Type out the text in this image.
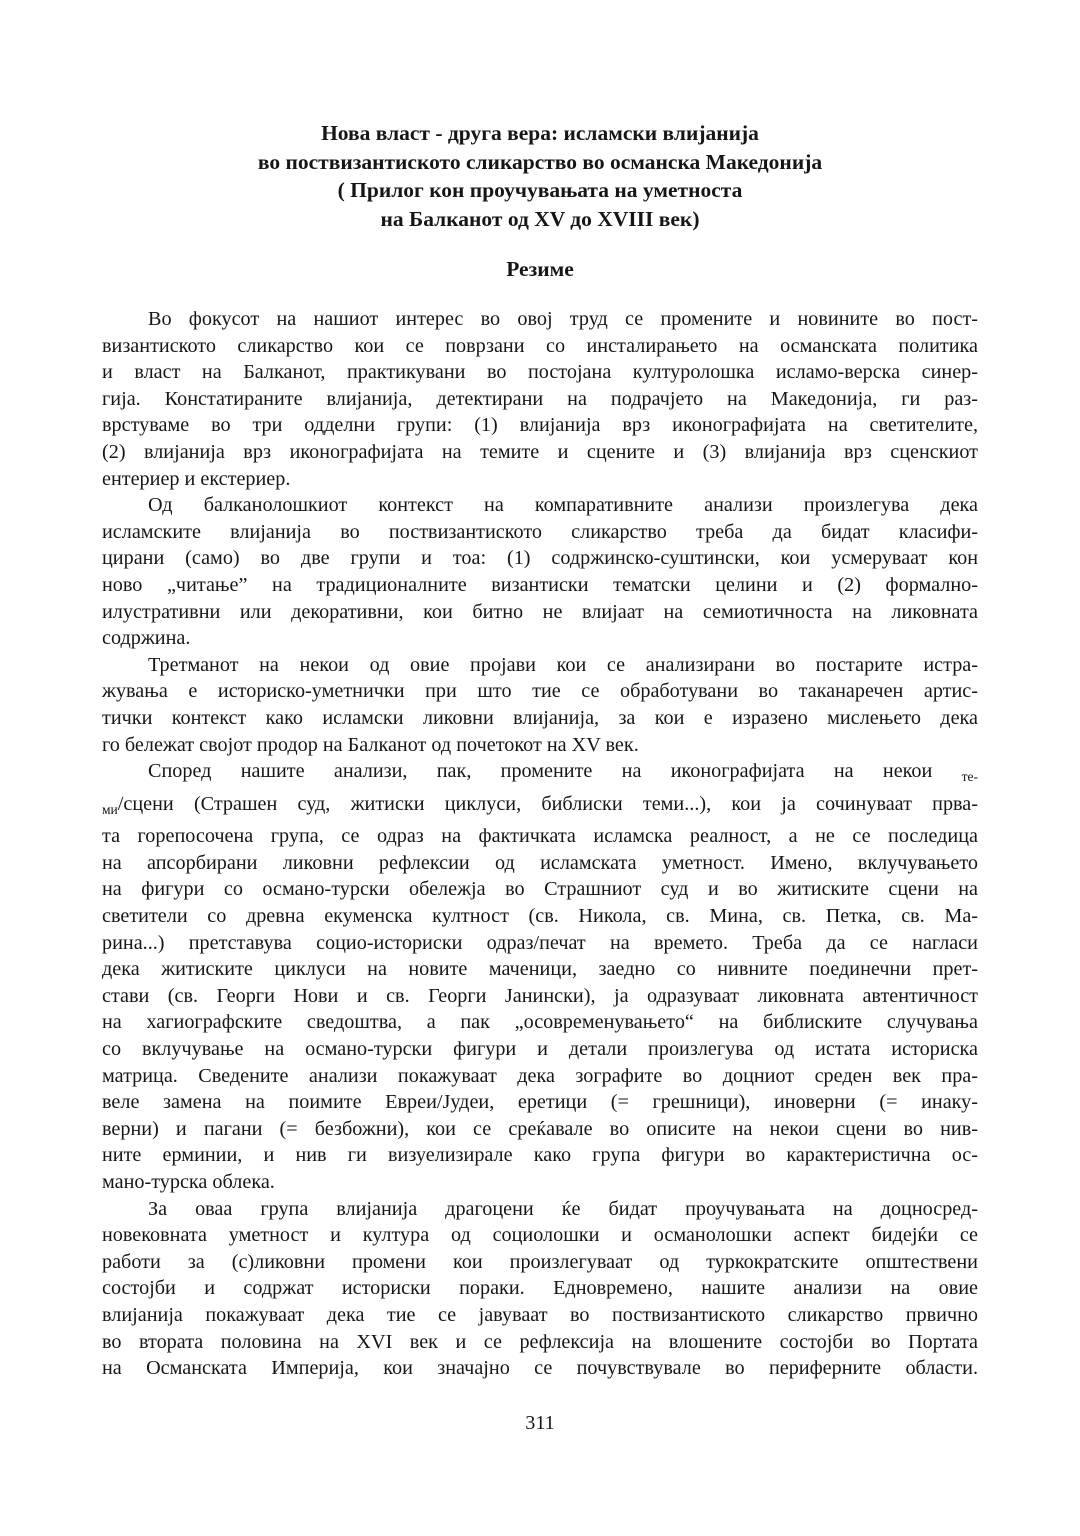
Нова власт - друга вера: исламски влијанија
во поствизантиското сликарство во османска Македонија
( Прилог кон проучувањата на уметноста
на Балканот од XV до XVIII век)
Резиме
Во фокусот на нашиот интерес во овој труд се промените и новините во пост-
византиското сликарство кои се поврзани со инсталирањето на османската политика
и власт на Балканот, практикувани во постојана културолошка исламо-верска синер-
гија. Констатираните влијанија, детектирани на подрачјето на Македонија, ги раз-
врстуваме во три одделни групи: (1) влијанија врз иконографијата на светителите,
(2) влијанија врз иконографијата на темите и сцените и (3) влијанија врз сценскиот
ентериер и екстериер.
Од балканолошкиот контекст на компаративните анализи произлегува дека
исламските влијанија во поствизантиското сликарство треба да бидат класифи-
цирани (само) во две групи и тоа: (1) содржинско-суштински, кои усмеруваат кон
ново „читање” на традиционалните византиски тематски целини и (2) формално-
илустративни или декоративни, кои битно не влијаат на семиотичноста на ликовната
содржина.
Третманот на некои од овие пројави кои се анализирани во постарите истра-
жувања е историско-уметнички при што тие се обработувани во таканаречен артис-
тички контекст како исламски ликовни влијанија, за кои е изразено мислењето дека
го бележат својот продор на Балканот од почетокот на XV век.
Според нашите анализи, пак, промените на иконографијата на некои $_{те-}$
$_{ми}$/сцени (Страшен суд, житиски циклуси, библиски теми...), кои ја сочинуваат прва-
та горепосочена група, се одраз на фактичката исламска реалност, а не се последица
на апсорбирани ликовни рефлексии од исламската уметност. Имено, вклучувањето
на фигури со османо-турски обележја во Страшниот суд и во житиските сцени на
светители со древна екуменска култност (св. Никола, св. Мина, св. Петка, св. Ма-
рина...) претставува социо-историски одраз/печат на времето. Треба да се нагласи
дека житиските циклуси на новите маченици, заедно со нивните поединечни прет-
стави (св. Георги Нови и св. Георги Јанински), ја одразуваат ликовната автентичност
на хагиографските сведоштва, а пак „осовременувањето“ на библиските случувања
со вклучување на османо-турски фигури и детали произлегува од истата историска
матрица. Сведените анализи покажуваат дека зографите во доцниот среден век пра-
веле замена на поимите Евреи/Јудеи, еретици (= грешници), иноверни (= инаку-
верни) и пагани (= безбожни), кои се среќавале во описите на некои сцени во нив-
ните ерминии, и нив ги визуелизирале како група фигури во карактеристична ос-
мано-турска облека.
За оваа група влијанија драгоцени ќе бидат проучувањата на доцносред-
новековната уметност и култура од социолошки и османолошки аспект бидејќи се
работи за (с)ликовни промени кои произлегуваат од туркократските општествени
состојби и содржат историски пораки. Едновремено, нашите анализи на овие
влијанија покажуваат дека тие се јавуваат во поствизантиското сликарство првично
во втората половина на XVI век и се рефлексија на влошените состојби во Портата
на Османската Империја, кои значајно се почувствувале во периферните области.
311
